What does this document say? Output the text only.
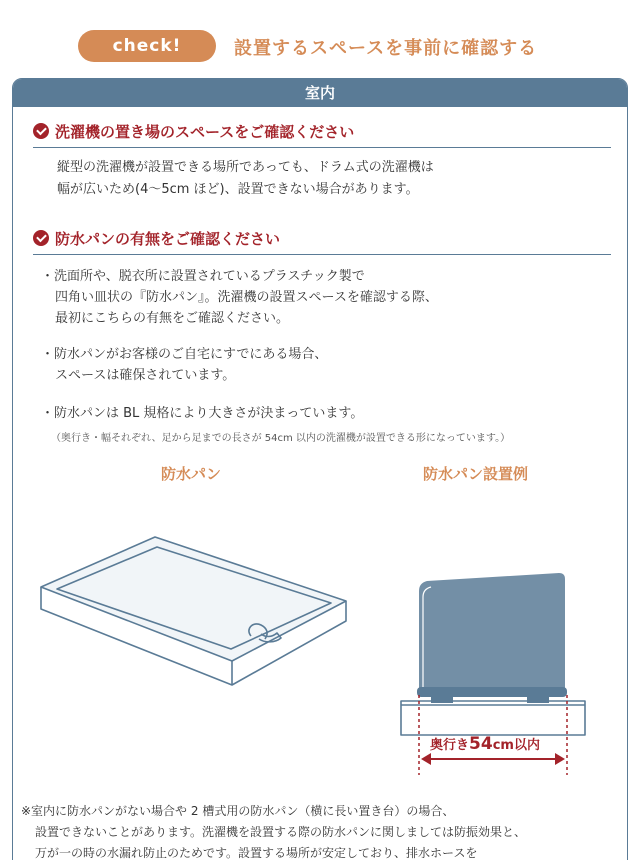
check!	設置するスペースを事前に確認する
室内
洗濯機の置き場のスペースをご確認ください
縦型の洗濯機が設置できる場所であっても、ドラム式の洗濯機は
幅が広いため(4〜5cm ほど)、設置できない場合があります。
防水パンの有無をご確認ください
・洗面所や、脱衣所に設置されているプラスチック製で
四角い皿状の『防水パン』。洗濯機の設置スペースを確認する際、
最初にこちらの有無をご確認ください。
・防水パンがお客様のご自宅にすでにある場合、
スペースは確保されています。
・防水パンは BL 規格により大きさが決まっています。
（奥行き・幅それぞれ、足から足までの長さが 54cm 以内の洗濯機が設置できる形になっています。）
防水パン	防水パン設置例
奥行き54cm以内
※室内に防水パンがない場合や 2 槽式用の防水パン（横に長い置き台）の場合、
設置できないことがあります。洗濯機を設置する際の防水パンに関しましては防振効果と、
万が一の時の水漏れ防止のためです。設置する場所が安定しており、排水ホースを
